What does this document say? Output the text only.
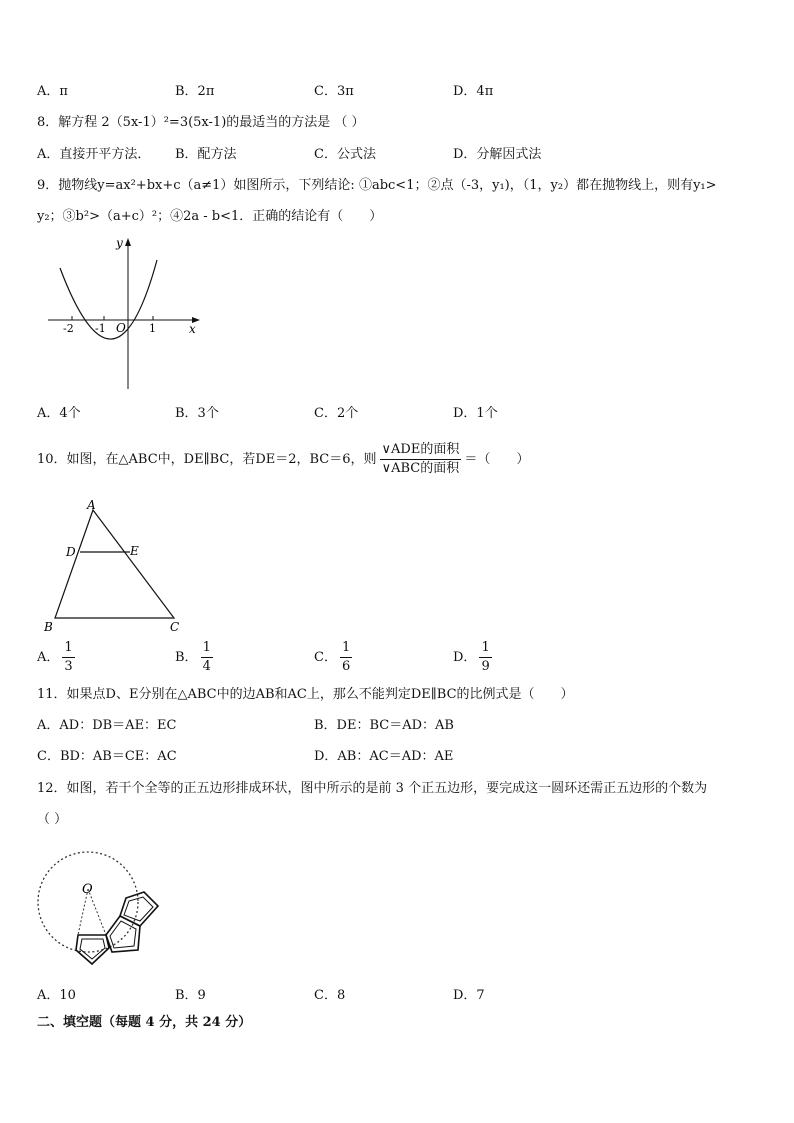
A．π	B．2π	C．3π	D．4π
8．解方程 2（5x-1）²=3(5x-1)的最适当的方法是 （ ）
A．直接开平方法． B．配方法	C．公式法	D．分解因式法
9．抛物线y=ax²+bx+c（a≠1）如图所示，下列结论: ①abc<1；②点（-3，y₁)，（1，y₂）都在抛物线上，则有y₁>
y₂；③b²>（a+c）²；④2a - b<1．正确的结论有（　　）
y
x
O
-2 -1	1
A．4个	B．3个	C．2个	D．1个
10．如图，在△ABC中，DE∥BC，若DE＝2，BC＝6，则 $\frac{\text{∨ADE的面积}}{\text{∨ABC的面积}}$ ＝（　　）
A
D	E
B	C
A． $\frac{1}{3}$	B． $\frac{1}{4}$	C． $\frac{1}{6}$	D． $\frac{1}{9}$
11．如果点D、E分别在△ABC中的边AB和AC上，那么不能判定DE∥BC的比例式是（　　）
A．AD：DB＝AE：EC	B．DE：BC＝AD：AB
C．BD：AB＝CE：AC	D．AB：AC＝AD：AE
12．如图，若干个全等的正五边形排成环状，图中所示的是前 3 个正五边形，要完成这一圆环还需正五边形的个数为
（ ）
O
A．10	B．9	C．8	D．7
二、填空题（每题 4 分，共 24 分）
